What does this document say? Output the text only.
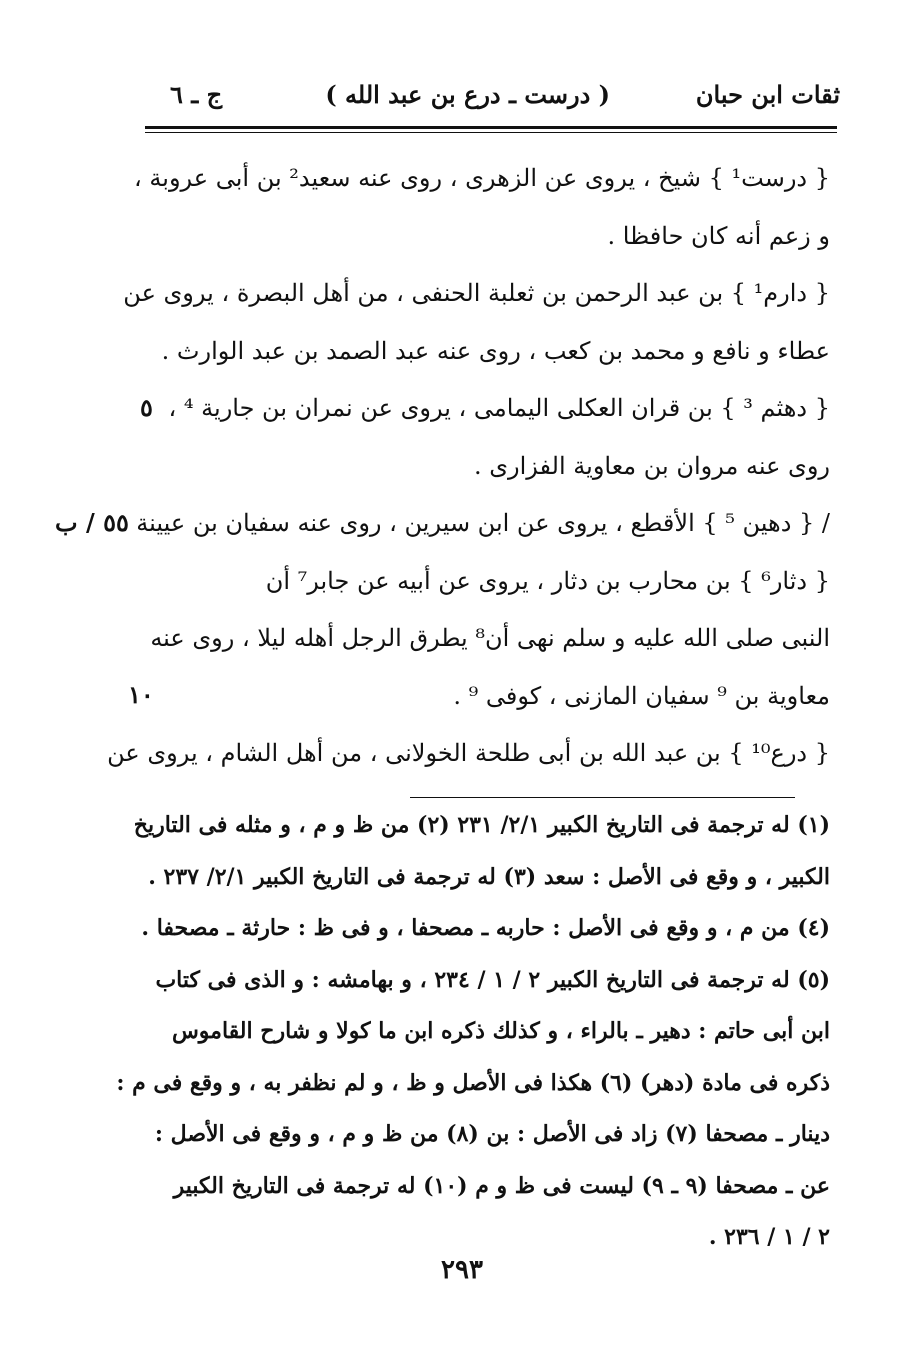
ثقات ابن حبان
( درست ـ درع بن عبد الله )
ج ـ ٦
{ درست¹ } شيخ ، يروى عن الزهرى ، روى عنه سعيد² بن أبى عروبة ،
و زعم أنه كان حافظا .
{ دارم¹ } بن عبد الرحمن بن ثعلبة الحنفى ، من أهل البصرة ، يروى عن
عطاء و نافع و محمد بن كعب ، روى عنه عبد الصمد بن عبد الوارث .
{ دهثم ³ } بن قران العكلى اليمامى ، يروى عن نمران بن جارية ⁴ ،
روى عنه مروان بن معاوية الفزارى .
/ { دهين ⁵ } الأقطع ، يروى عن ابن سيرين ، روى عنه سفيان بن عيينة .
{ دثار⁶ } بن محارب بن دثار ، يروى عن أبيه عن جابر⁷ أن
النبى صلى الله عليه و سلم نهى أن⁸ يطرق الرجل أهله ليلا ، روى عنه
معاوية بن ⁹ سفيان المازنى ، كوفى ⁹ .
{ درع¹⁰ } بن عبد الله بن أبى طلحة الخولانى ، من أهل الشام ، يروى عن
٥٥ / ب
٥
١٠
(١) له ترجمة فى التاريخ الكبير ٢/١/ ٢٣١ (٢) من ظ و م ، و مثله فى التاريخ
الكبير ، و وقع فى الأصل : سعد (٣) له ترجمة فى التاريخ الكبير ٢/١/ ٢٣٧ .
(٤) من م ، و وقع فى الأصل : حاربه ـ مصحفا ، و فى ظ : حارثة ـ مصحفا .
(٥) له ترجمة فى التاريخ الكبير ٢ / ١ / ٢٣٤ ، و بهامشه : و الذى فى كتاب
ابن أبى حاتم : دهير ـ بالراء ، و كذلك ذكره ابن ما كولا و شارح القاموس
ذكره فى مادة (دهر) (٦) هكذا فى الأصل و ظ ، و لم نظفر به ، و وقع فى م :
دينار ـ مصحفا (٧) زاد فى الأصل : بن (٨) من ظ و م ، و وقع فى الأصل :
عن ـ مصحفا (٩ ـ ٩) ليست فى ظ و م (١٠) له ترجمة فى التاريخ الكبير
٢ / ١ / ٢٣٦ .
٢٩٣
